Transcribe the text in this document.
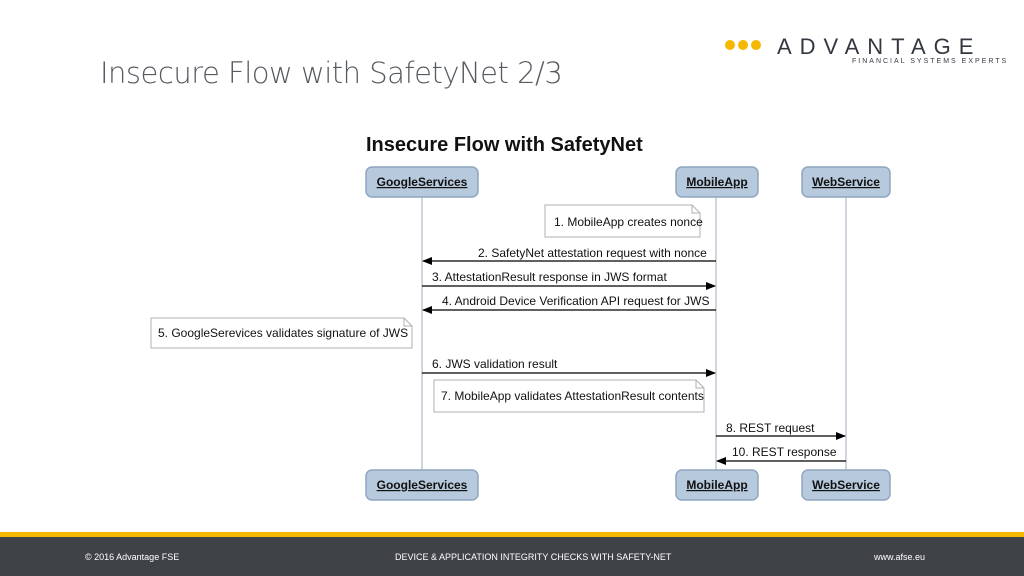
Insecure Flow with SafetyNet 2/3
ADVANTAGE
FINANCIAL SYSTEMS EXPERTS
Insecure Flow with SafetyNet
GoogleServices	MobileApp	WebService
1. MobileApp creates nonce
2. SafetyNet attestation request with nonce
3. AttestationResult response in JWS format
4. Android Device Verification API request for JWS
5. GoogleSerevices validates signature of JWS
6. JWS validation result
7. MobileApp validates AttestationResult contents
8. REST request
10. REST response
GoogleServices	MobileApp	WebService
© 2016 Advantage FSE	DEVICE & APPLICATION INTEGRITY CHECKS WITH SAFETY-NET	www.afse.eu
